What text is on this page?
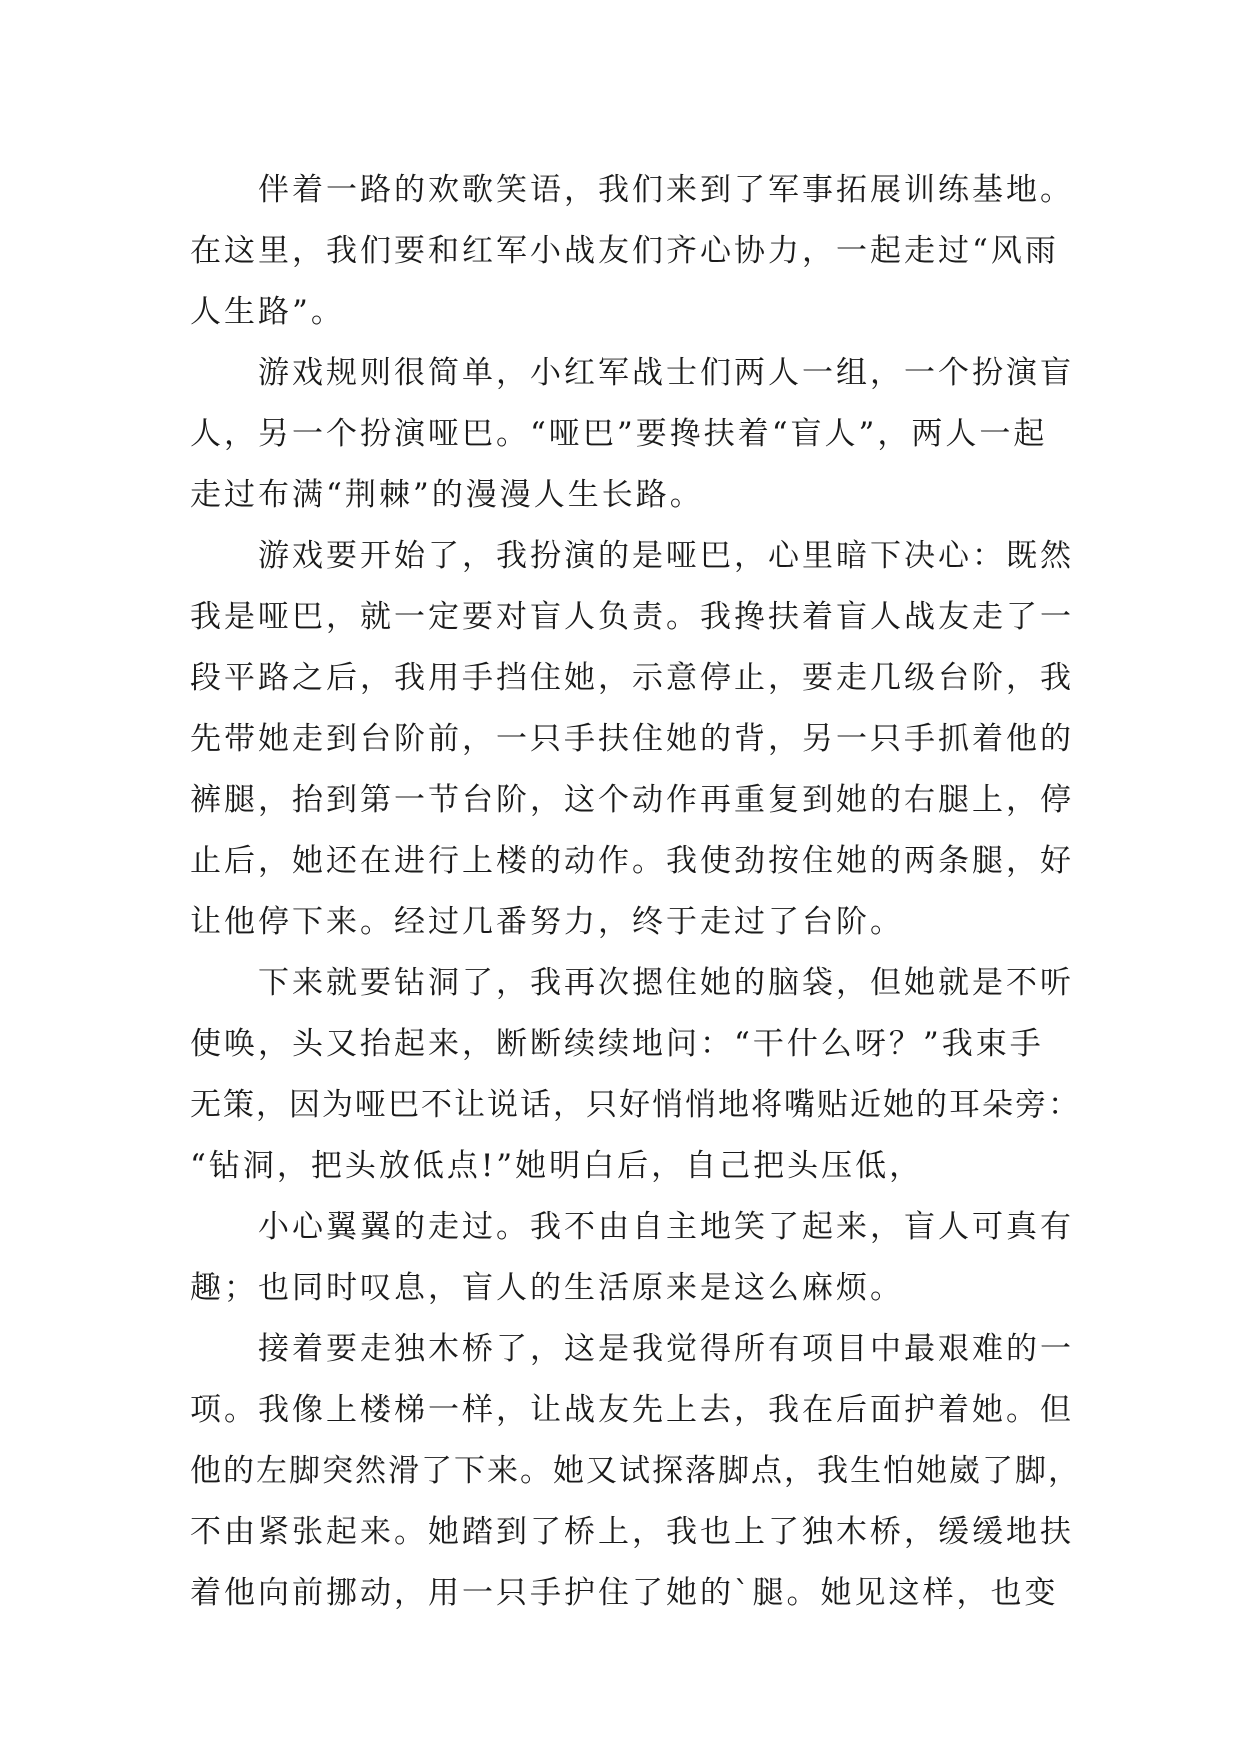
伴着一路的欢歌笑语，我们来到了军事拓展训练基地。
在这里，我们要和红军小战友们齐心协力，一起走过“风雨
人生路”。
游戏规则很简单，小红军战士们两人一组，一个扮演盲
人，另一个扮演哑巴。“哑巴”要搀扶着“盲人”，两人一起
走过布满“荆棘”的漫漫人生长路。
游戏要开始了，我扮演的是哑巴，心里暗下决心：既然
我是哑巴，就一定要对盲人负责。我搀扶着盲人战友走了一
段平路之后，我用手挡住她，示意停止，要走几级台阶，我
先带她走到台阶前，一只手扶住她的背，另一只手抓着他的
裤腿，抬到第一节台阶，这个动作再重复到她的右腿上，停
止后，她还在进行上楼的动作。我使劲按住她的两条腿，好
让他停下来。经过几番努力，终于走过了台阶。
下来就要钻洞了，我再次摁住她的脑袋，但她就是不听
使唤，头又抬起来，断断续续地问：“干什么呀？”我束手
无策，因为哑巴不让说话，只好悄悄地将嘴贴近她的耳朵旁：
“钻洞，把头放低点!”她明白后，自己把头压低，
小心翼翼的走过。我不由自主地笑了起来，盲人可真有
趣；也同时叹息，盲人的生活原来是这么麻烦。
接着要走独木桥了，这是我觉得所有项目中最艰难的一
项。我像上楼梯一样，让战友先上去，我在后面护着她。但
他的左脚突然滑了下来。她又试探落脚点，我生怕她崴了脚，
不由紧张起来。她踏到了桥上，我也上了独木桥，缓缓地扶
着他向前挪动，用一只手护住了她的`腿。她见这样，也变
